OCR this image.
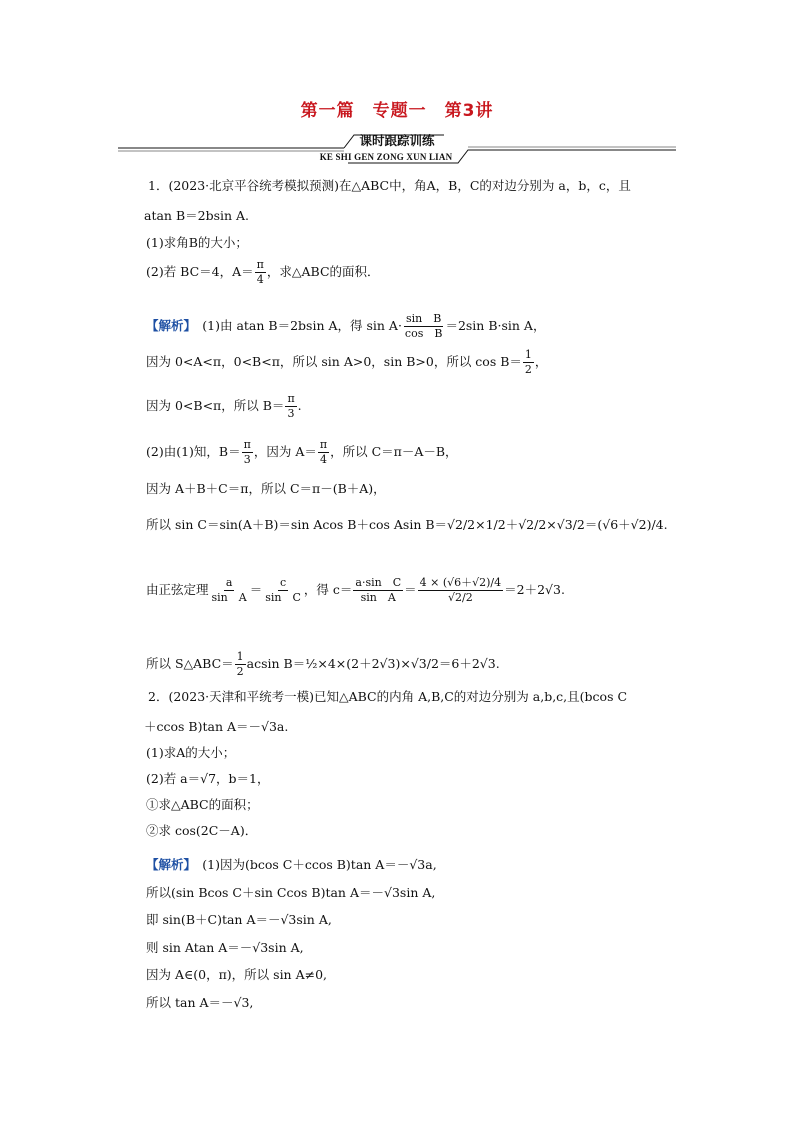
第一篇　专题一　第3讲
课时跟踪训练
KE SHI GEN ZONG XUN LIAN
1．(2023·北京平谷统考模拟预测)在△ABC中，角A，B，C的对边分别为 a，b，c，且
atan B＝2bsin A.
(1)求角B的大小；
(2)若 BC＝4，$A= \frac{\pi}{4}$ ，求△ABC的面积．
【解析】　(1)由 atan B＝2bsin A，得 $\sin A\cdot \frac{\text{sin　B}}{\text{cos　B}} =2\sin$ B·sin A，
因为 0<A<π，0<B<π，所以 sin A>0，sin B>0，所以 $\cos B= \frac{1}{2}$ ，
因为 0<B<π，所以 $B= \frac{\pi}{3}$ .
(2)由(1)知，$B= \frac{\pi}{3}$ ，因为 $A= \frac{\pi}{4}$ ，所以 C＝π－A－B，
因为 A＋B＋C＝π，所以 C＝π－(B＋A)，
所以 sin C＝sin(A＋B)＝sin Acos B＋cos Asin B＝√2/2×1/2＋√2/2×√3/2＝(√6＋√2)/4.
由正弦定理 $\frac{a}{\text{sin　A}} = \frac{c}{\text{sin　C}}$ ，得 $c= \frac{\text{a·sin　C}}{\text{sin　A}} = \frac{4 \times (√6+√2)/4}{√2/2} =2+2√3$.
所以 S△ABC＝ $\frac{1}{2}$ acsin B＝½×4×(2＋2√3)×√3/2＝6＋2√3.
2．(2023·天津和平统考一模)已知△ABC的内角 A,B,C的对边分别为 a,b,c,且(bcos C
＋ccos B)tan A＝－√3a.
(1)求A的大小；
(2)若 a＝√7，b＝1，
①求△ABC的面积；
②求 cos(2C－A)．
【解析】　(1)因为(bcos C＋ccos B)tan A＝－√3a,
所以(sin Bcos C＋sin Ccos B)tan A＝－√3sin A,
即 sin(B＋C)tan A＝－√3sin A,
则 sin Atan A＝－√3sin A,
因为 A∈(0，π)，所以 sin A≠0,
所以 tan A＝－√3,
